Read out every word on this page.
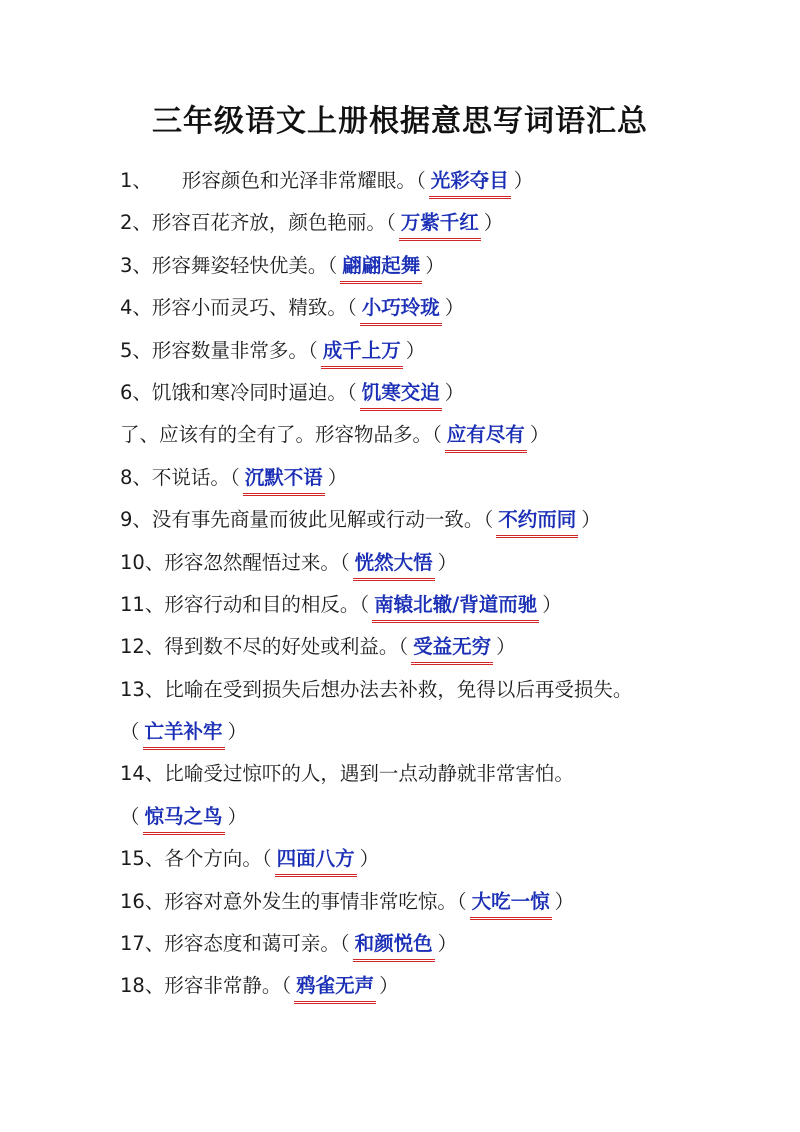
三年级语文上册根据意思写词语汇总
1、 形容颜色和光泽非常耀眼。（ 光彩夺目 ）
2、形容百花齐放，颜色艳丽。（ 万紫千红 ）
3、形容舞姿轻快优美。（ 翩翩起舞 ）
4、形容小而灵巧、精致。（ 小巧玲珑 ）
5、形容数量非常多。（ 成千上万 ）
6、饥饿和寒冷同时逼迫。（ 饥寒交迫 ）
了、应该有的全有了。形容物品多。（ 应有尽有 ）
8、不说话。（ 沉默不语 ）
9、没有事先商量而彼此见解或行动一致。（ 不约而同 ）
10、形容忽然醒悟过来。（ 恍然大悟 ）
11、形容行动和目的相反。（ 南辕北辙/背道而驰 ）
12、得到数不尽的好处或利益。（ 受益无穷 ）
13、比喻在受到损失后想办法去补救，免得以后再受损失。
（ 亡羊补牢 ）
14、比喻受过惊吓的人，遇到一点动静就非常害怕。
（ 惊马之鸟 ）
15、各个方向。（ 四面八方 ）
16、形容对意外发生的事情非常吃惊。（ 大吃一惊 ）
17、形容态度和蔼可亲。（ 和颜悦色 ）
18、形容非常静。（ 鸦雀无声 ）
